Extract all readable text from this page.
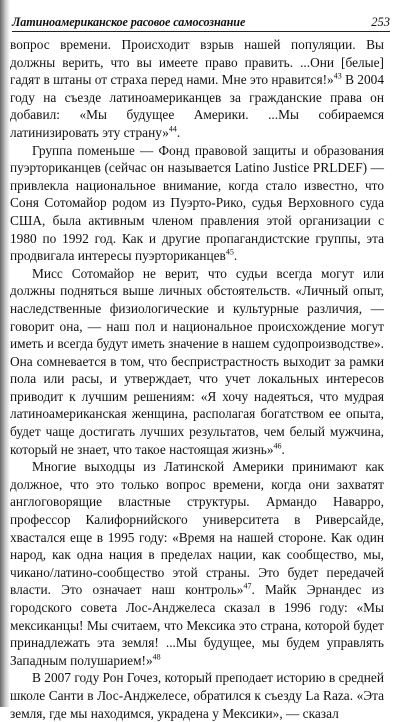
Латиноамериканское расовое самосознание	253

вопрос времени. Происходит взрыв нашей популяции. Вы должны верить, что вы имеете право править. ...Они [белые] гадят в штаны от страха перед нами. Мне это нравится!»$^{43}$ В 2004 году на съезде латиноамериканцев за гражданские права он добавил: «Мы будущее Америки. ...Мы собираемся латинизировать эту страну»$^{44}$.

Группа поменьше — Фонд правовой защиты и образования пуэрториканцев (сейчас он называется Latino Justice PRLDEF) — привлекла национальное внимание, когда стало известно, что Соня Сотомайор родом из Пуэрто-Рико, судья Верховного суда США, была активным членом правления этой организации с 1980 по 1992 год. Как и другие пропагандистские группы, эта продвигала интересы пуэрториканцев$^{45}$.

Мисс Сотомайор не верит, что судьи всегда могут или должны подняться выше личных обстоятельств. «Личный опыт, наследственные физиологические и культурные различия, — говорит она, — наш пол и национальное происхождение могут иметь и всегда будут иметь значение в нашем судопроизводстве». Она сомневается в том, что беспристрастность выходит за рамки пола или расы, и утверждает, что учет локальных интересов приводит к лучшим решениям: «Я хочу надеяться, что мудрая латиноамериканская женщина, располагая богатством ее опыта, будет чаще достигать лучших результатов, чем белый мужчина, который не знает, что такое настоящая жизнь»$^{46}$.

Многие выходцы из Латинской Америки принимают как должное, что это только вопрос времени, когда они захватят англоговорящие властные структуры. Армандо Наварро, профессор Калифорнийского университета в Риверсайде, хвастался еще в 1995 году: «Время на нашей стороне. Как один народ, как одна нация в пределах нации, как сообщество, мы, чикано/латино-сообщество этой страны. Это будет передачей власти. Это означает наш контроль»$^{47}$. Майк Эрнандес из городского совета Лос-Анджелеса сказал в 1996 году: «Мы мексиканцы! Мы считаем, что Мексика это страна, которой будет принадлежать эта земля! ...Мы будущее, мы будем управлять Западным полушарием!»$^{48}$

В 2007 году Рон Гочез, который преподает историю в средней школе Санти в Лос-Анджелесе, обратился к съезду La Raza. «Эта земля, где мы находимся, украдена у Мексики», — сказал
